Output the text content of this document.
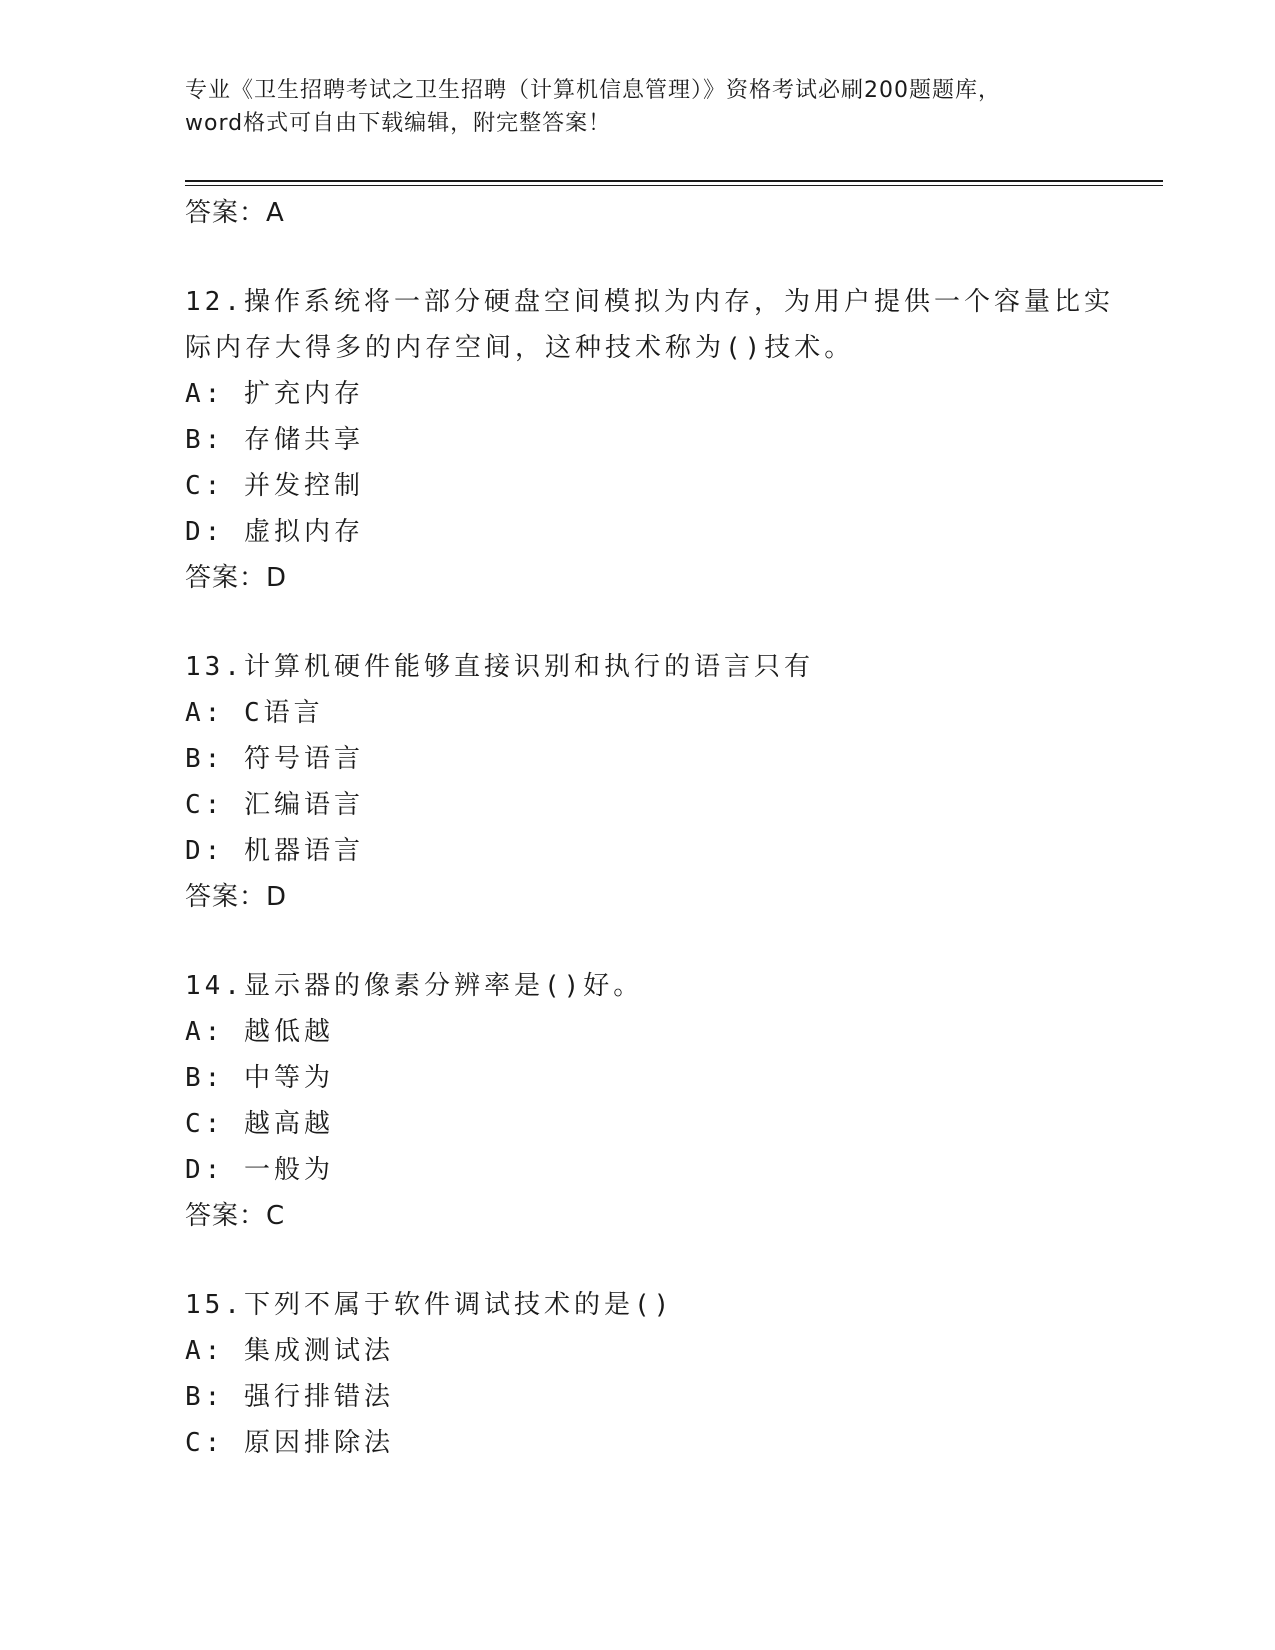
专业《卫生招聘考试之卫生招聘（计算机信息管理）》资格考试必刷200题题库，
word格式可自由下载编辑，附完整答案！
答案：A
12.操作系统将一部分硬盘空间模拟为内存，为用户提供一个容量比实
际内存大得多的内存空间，这种技术称为()技术。
A: 扩充内存
B: 存储共享
C: 并发控制
D: 虚拟内存
答案：D
13.计算机硬件能够直接识别和执行的语言只有
A: C语言
B: 符号语言
C: 汇编语言
D: 机器语言
答案：D
14.显示器的像素分辨率是()好。
A: 越低越
B: 中等为
C: 越高越
D: 一般为
答案：C
15.下列不属于软件调试技术的是()
A: 集成测试法
B: 强行排错法
C: 原因排除法
